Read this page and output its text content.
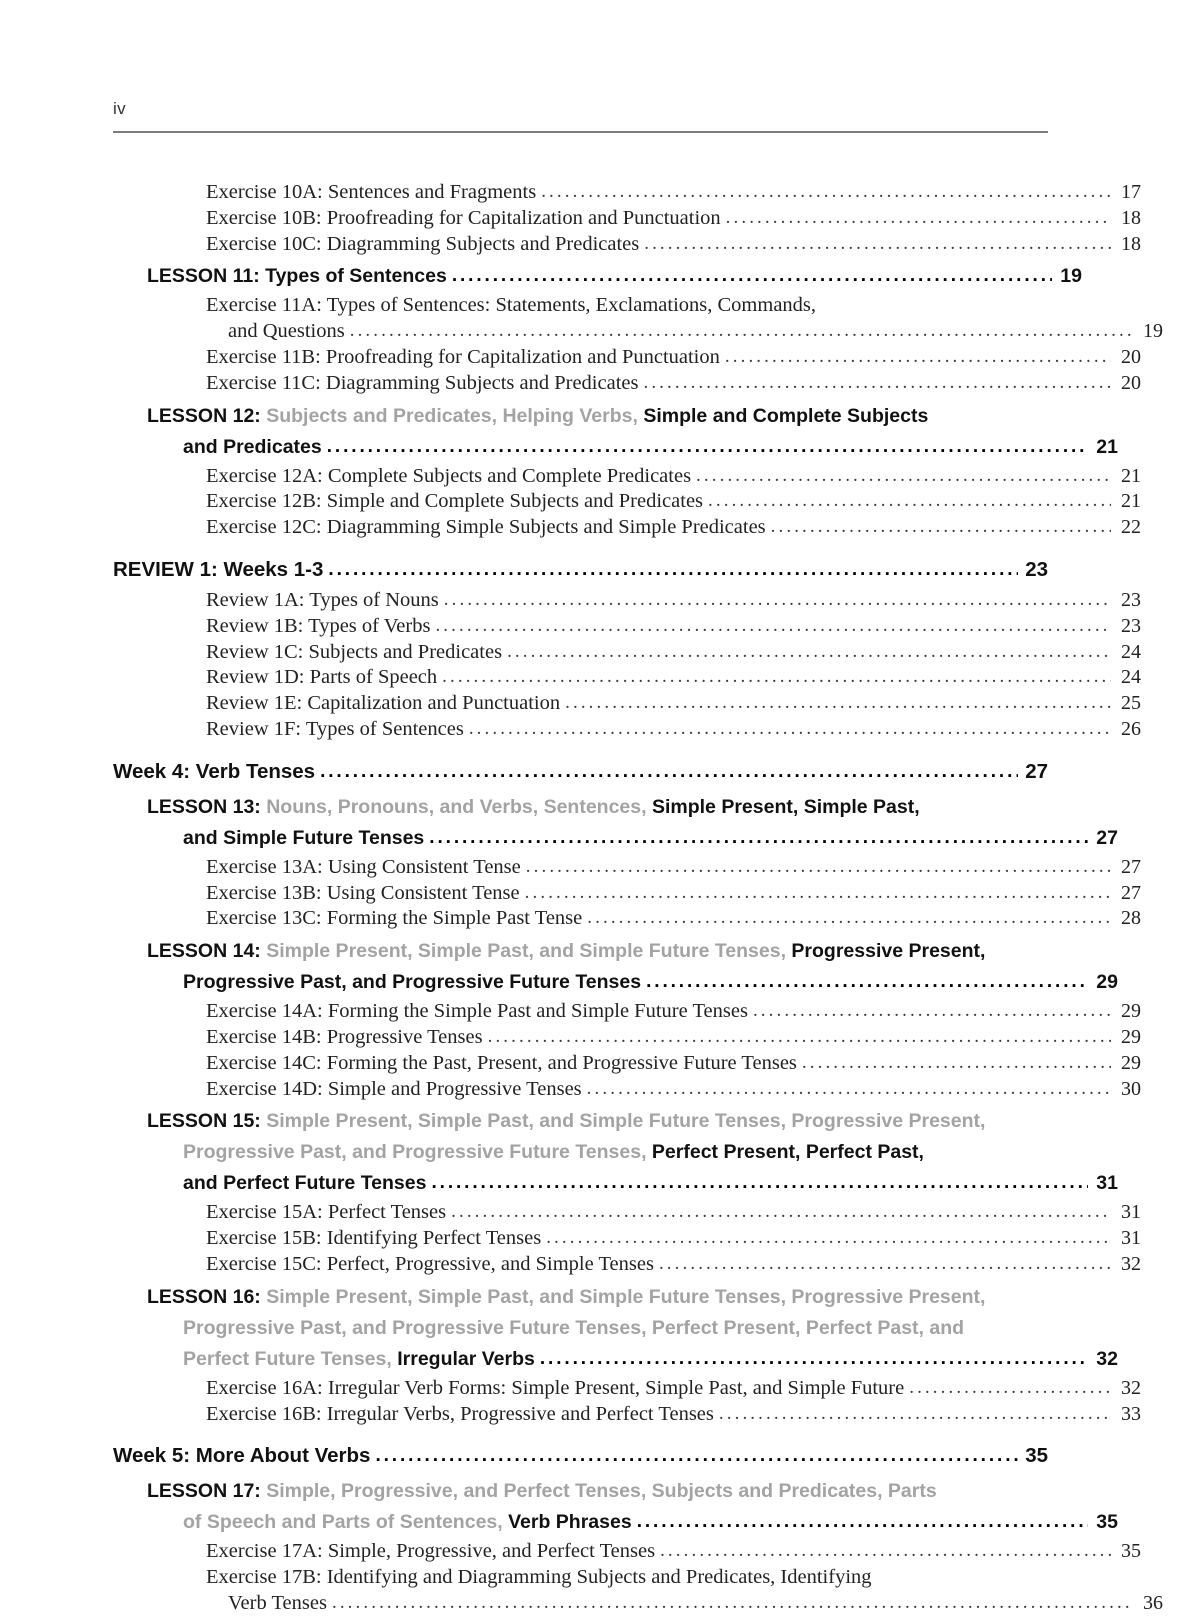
iv
Exercise 10A: Sentences and Fragments .....	17
Exercise 10B: Proofreading for Capitalization and Punctuation .....	18
Exercise 10C: Diagramming Subjects and Predicates .....	18
LESSON 11: Types of Sentences .....	19
Exercise 11A: Types of Sentences: Statements, Exclamations, Commands,
and Questions .....	19
Exercise 11B: Proofreading for Capitalization and Punctuation .....	20
Exercise 11C: Diagramming Subjects and Predicates .....	20
LESSON 12: Subjects and Predicates, Helping Verbs, Simple and Complete Subjects
and Predicates .....	21
Exercise 12A: Complete Subjects and Complete Predicates .....	21
Exercise 12B: Simple and Complete Subjects and Predicates .....	21
Exercise 12C: Diagramming Simple Subjects and Simple Predicates .....	22
REVIEW 1: Weeks 1-3 .....	23
Review 1A: Types of Nouns .....	23
Review 1B: Types of Verbs .....	23
Review 1C: Subjects and Predicates .....	24
Review 1D: Parts of Speech .....	24
Review 1E: Capitalization and Punctuation .....	25
Review 1F: Types of Sentences .....	26
Week 4: Verb Tenses .....	27
LESSON 13: Nouns, Pronouns, and Verbs, Sentences, Simple Present, Simple Past,
and Simple Future Tenses .....	27
Exercise 13A: Using Consistent Tense .....	27
Exercise 13B: Using Consistent Tense .....	27
Exercise 13C: Forming the Simple Past Tense .....	28
LESSON 14: Simple Present, Simple Past, and Simple Future Tenses, Progressive Present,
Progressive Past, and Progressive Future Tenses .....	29
Exercise 14A: Forming the Simple Past and Simple Future Tenses .....	29
Exercise 14B: Progressive Tenses .....	29
Exercise 14C: Forming the Past, Present, and Progressive Future Tenses .....	29
Exercise 14D: Simple and Progressive Tenses .....	30
LESSON 15: Simple Present, Simple Past, and Simple Future Tenses, Progressive Present,
Progressive Past, and Progressive Future Tenses, Perfect Present, Perfect Past,
and Perfect Future Tenses .....	31
Exercise 15A: Perfect Tenses .....	31
Exercise 15B: Identifying Perfect Tenses .....	31
Exercise 15C: Perfect, Progressive, and Simple Tenses .....	32
LESSON 16: Simple Present, Simple Past, and Simple Future Tenses, Progressive Present,
Progressive Past, and Progressive Future Tenses, Perfect Present, Perfect Past, and
Perfect Future Tenses, Irregular Verbs .....	32
Exercise 16A: Irregular Verb Forms: Simple Present, Simple Past, and Simple Future .....	32
Exercise 16B: Irregular Verbs, Progressive and Perfect Tenses .....	33
Week 5: More About Verbs .....	35
LESSON 17: Simple, Progressive, and Perfect Tenses, Subjects and Predicates, Parts
of Speech and Parts of Sentences, Verb Phrases .....	35
Exercise 17A: Simple, Progressive, and Perfect Tenses .....	35
Exercise 17B: Identifying and Diagramming Subjects and Predicates, Identifying
Verb Tenses .....	36
